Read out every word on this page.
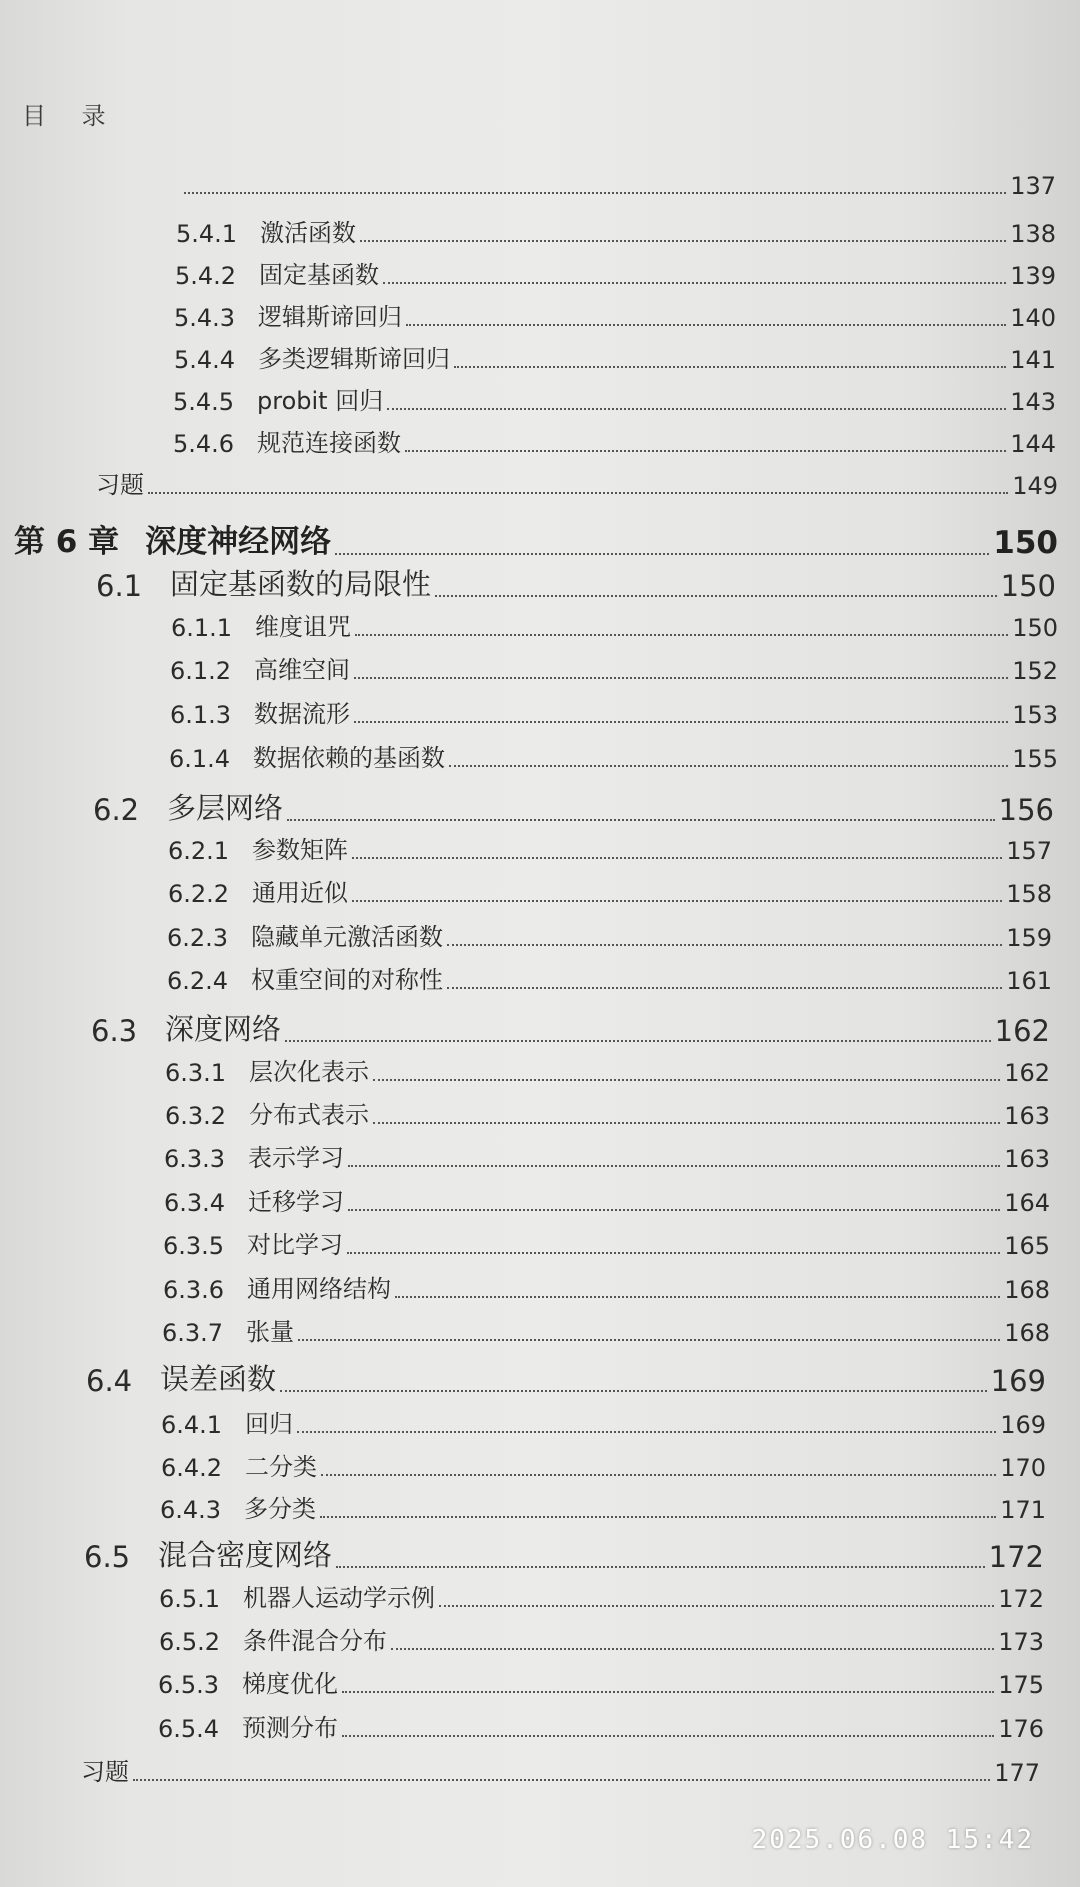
目 录
137
5.4.1 激活函数	138
5.4.2 固定基函数	139
5.4.3 逻辑斯谛回归	140
5.4.4 多类逻辑斯谛回归	141
5.4.5 probit 回归	143
5.4.6 规范连接函数	144
习题	149
第 6 章 深度神经网络	150
6.1 固定基函数的局限性	150
6.1.1 维度诅咒	150
6.1.2 高维空间	152
6.1.3 数据流形	153
6.1.4 数据依赖的基函数	155
6.2 多层网络	156
6.2.1 参数矩阵	157
6.2.2 通用近似	158
6.2.3 隐藏单元激活函数	159
6.2.4 权重空间的对称性	161
6.3 深度网络	162
6.3.1 层次化表示	162
6.3.2 分布式表示	163
6.3.3 表示学习	163
6.3.4 迁移学习	164
6.3.5 对比学习	165
6.3.6 通用网络结构	168
6.3.7 张量	168
6.4 误差函数	169
6.4.1 回归	169
6.4.2 二分类	170
6.4.3 多分类	171
6.5 混合密度网络	172
6.5.1 机器人运动学示例	172
6.5.2 条件混合分布	173
6.5.3 梯度优化	175
6.5.4 预测分布	176
习题	177
2025.06.08 15:42
